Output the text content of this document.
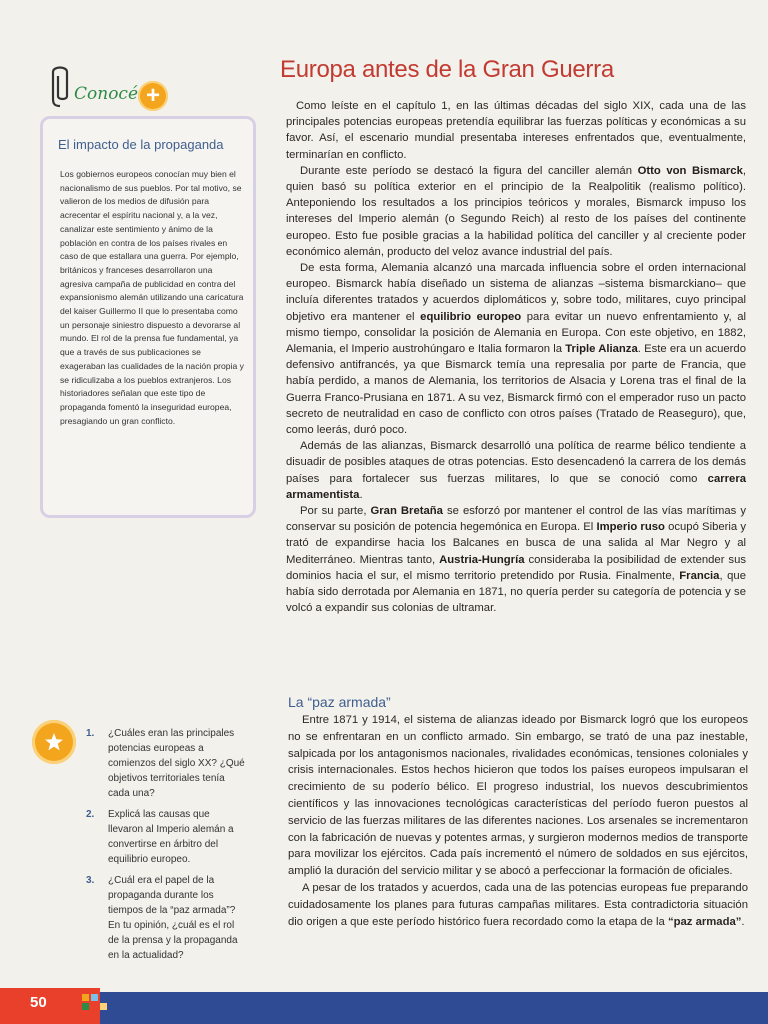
Conocé +
El impacto de la propaganda
Los gobiernos europeos conocían muy bien el nacionalismo de sus pueblos. Por tal motivo, se valieron de los medios de difusión para acrecentar el espíritu nacional y, a la vez, canalizar este sentimiento y ánimo de la población en contra de los países rivales en caso de que estallara una guerra. Por ejemplo, británicos y franceses desarrollaron una agresiva campaña de publicidad en contra del expansionismo alemán utilizando una caricatura del kaiser Guillermo II que lo presentaba como un personaje siniestro dispuesto a devorarse al mundo. El rol de la prensa fue fundamental, ya que a través de sus publicaciones se exageraban las cualidades de la nación propia y se ridiculizaba a los pueblos extranjeros. Los historiadores señalan que este tipo de propaganda fomentó la inseguridad europea, presagiando un gran conflicto.
Europa antes de la Gran Guerra

Como leíste en el capítulo 1, en las últimas décadas del siglo XIX, cada una de las principales potencias europeas pretendía equilibrar las fuerzas políticas y económicas a su favor. Así, el escenario mundial presentaba intereses enfrentados que, eventualmente, terminarían en conflicto.

Durante este período se destacó la figura del canciller alemán Otto von Bismarck, quien basó su política exterior en el principio de la Realpolitik (realismo político). Anteponiendo los resultados a los principios teóricos y morales, Bismarck impuso los intereses del Imperio alemán (o Segundo Reich) al resto de los países del continente europeo. Esto fue posible gracias a la habilidad política del canciller y al creciente poder económico alemán, producto del veloz avance industrial del país.

De esta forma, Alemania alcanzó una marcada influencia sobre el orden internacional europeo. Bismarck había diseñado un sistema de alianzas –sistema bismarckiano– que incluía diferentes tratados y acuerdos diplomáticos y, sobre todo, militares, cuyo principal objetivo era mantener el equilibrio europeo para evitar un nuevo enfrentamiento y, al mismo tiempo, consolidar la posición de Alemania en Europa. Con este objetivo, en 1882, Alemania, el Imperio austrohúngaro e Italia formaron la Triple Alianza. Este era un acuerdo defensivo antifrancés, ya que Bismarck temía una represalia por parte de Francia, que había perdido, a manos de Alemania, los territorios de Alsacia y Lorena tras el final de la Guerra Franco-Prusiana en 1871. A su vez, Bismarck firmó con el emperador ruso un pacto secreto de neutralidad en caso de conflicto con otros países (Tratado de Reaseguro), que, como leerás, duró poco.

Además de las alianzas, Bismarck desarrolló una política de rearme bélico tendiente a disuadir de posibles ataques de otras potencias. Esto desencadenó la carrera de los demás países para fortalecer sus fuerzas militares, lo que se conoció como carrera armamentista.

Por su parte, Gran Bretaña se esforzó por mantener el control de las vías marítimas y conservar su posición de potencia hegemónica en Europa. El Imperio ruso ocupó Siberia y trató de expandirse hacia los Balcanes en busca de una salida al Mar Negro y al Mediterráneo. Mientras tanto, Austria-Hungría consideraba la posibilidad de extender sus dominios hacia el sur, el mismo territorio pretendido por Rusia. Finalmente, Francia, que había sido derrotada por Alemania en 1871, no quería perder su categoría de potencia y se volcó a expandir sus colonias de ultramar.

La “paz armada”

Entre 1871 y 1914, el sistema de alianzas ideado por Bismarck logró que los europeos no se enfrentaran en un conflicto armado. Sin embargo, se trató de una paz inestable, salpicada por los antagonismos nacionales, rivalidades económicas, tensiones coloniales y crisis internacionales. Estos hechos hicieron que todos los países europeos impulsaran el crecimiento de su poderío bélico. El progreso industrial, los nuevos descubrimientos científicos y las innovaciones tecnológicas características del período fueron puestos al servicio de las fuerzas militares de las diferentes naciones. Los arsenales se incrementaron con la fabricación de nuevas y potentes armas, y surgieron modernos medios de transporte para movilizar los ejércitos. Cada país incrementó el número de soldados en sus ejércitos, amplió la duración del servicio militar y se abocó a perfeccionar la formación de oficiales.

A pesar de los tratados y acuerdos, cada una de las potencias europeas fue preparando cuidadosamente los planes para futuras campañas militares. Esta contradictoria situación dio origen a que este período histórico fuera recordado como la etapa de la “paz armada”.

1. ¿Cuáles eran las principales potencias europeas a comienzos del siglo XX? ¿Qué objetivos territoriales tenía cada una?
2. Explicá las causas que llevaron al Imperio alemán a convertirse en árbitro del equilibrio europeo.
3. ¿Cuál era el papel de la propaganda durante los tiempos de la “paz armada”? En tu opinión, ¿cuál es el rol de la prensa y la propaganda en la actualidad?
50
